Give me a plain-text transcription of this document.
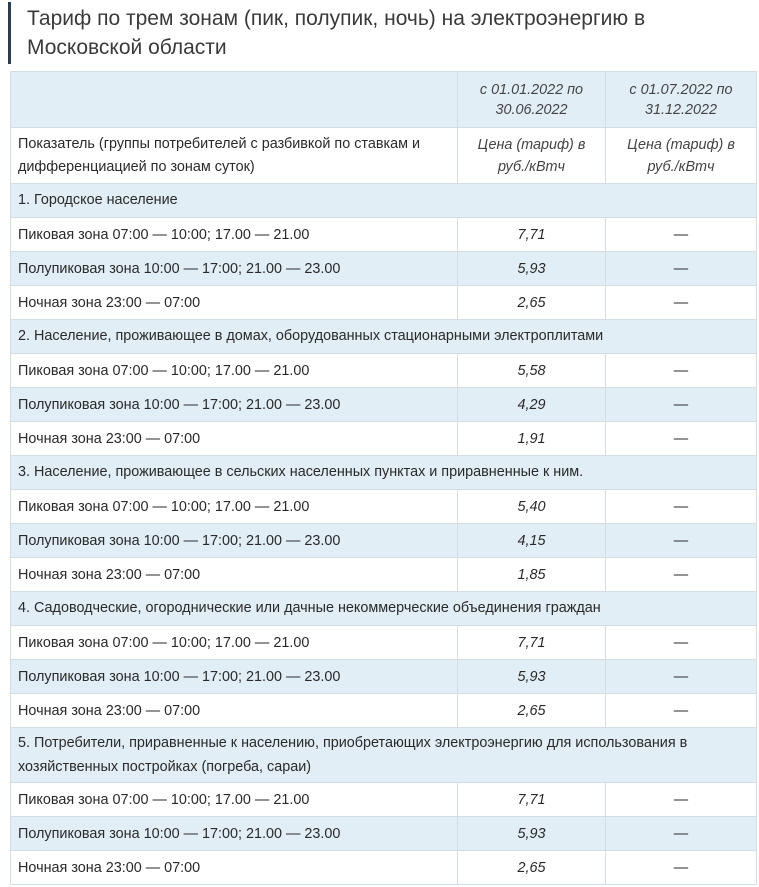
Тариф по трем зонам (пик, полупик, ночь) на электроэнергию в Московской области
	с 01.01.2022 по 30.06.2022	с 01.07.2022 по 31.12.2022
Показатель (группы потребителей с разбивкой по ставкам и дифференциацией по зонам суток)	Цена (тариф) в руб./кВтч	Цена (тариф) в руб./кВтч
1. Городское население		
Пиковая зона 07:00 — 10:00; 17.00 — 21.00	7,71	—
Полупиковая зона 10:00 — 17:00; 21.00 — 23.00	5,93	—
Ночная зона 23:00 — 07:00	2,65	—
2. Население, проживающее в домах, оборудованных стационарными электроплитами		
Пиковая зона 07:00 — 10:00; 17.00 — 21.00	5,58	—
Полупиковая зона 10:00 — 17:00; 21.00 — 23.00	4,29	—
Ночная зона 23:00 — 07:00	1,91	—
3. Население, проживающее в сельских населенных пунктах и приравненные к ним.		
Пиковая зона 07:00 — 10:00; 17.00 — 21.00	5,40	—
Полупиковая зона 10:00 — 17:00; 21.00 — 23.00	4,15	—
Ночная зона 23:00 — 07:00	1,85	—
4. Садоводческие, огороднические или дачные некоммерческие объединения граждан		
Пиковая зона 07:00 — 10:00; 17.00 — 21.00	7,71	—
Полупиковая зона 10:00 — 17:00; 21.00 — 23.00	5,93	—
Ночная зона 23:00 — 07:00	2,65	—
5. Потребители, приравненные к населению, приобретающих электроэнергию для использования в хозяйственных постройках (погреба, сараи)		
Пиковая зона 07:00 — 10:00; 17.00 — 21.00	7,71	—
Полупиковая зона 10:00 — 17:00; 21.00 — 23.00	5,93	—
Ночная зона 23:00 — 07:00	2,65	—
